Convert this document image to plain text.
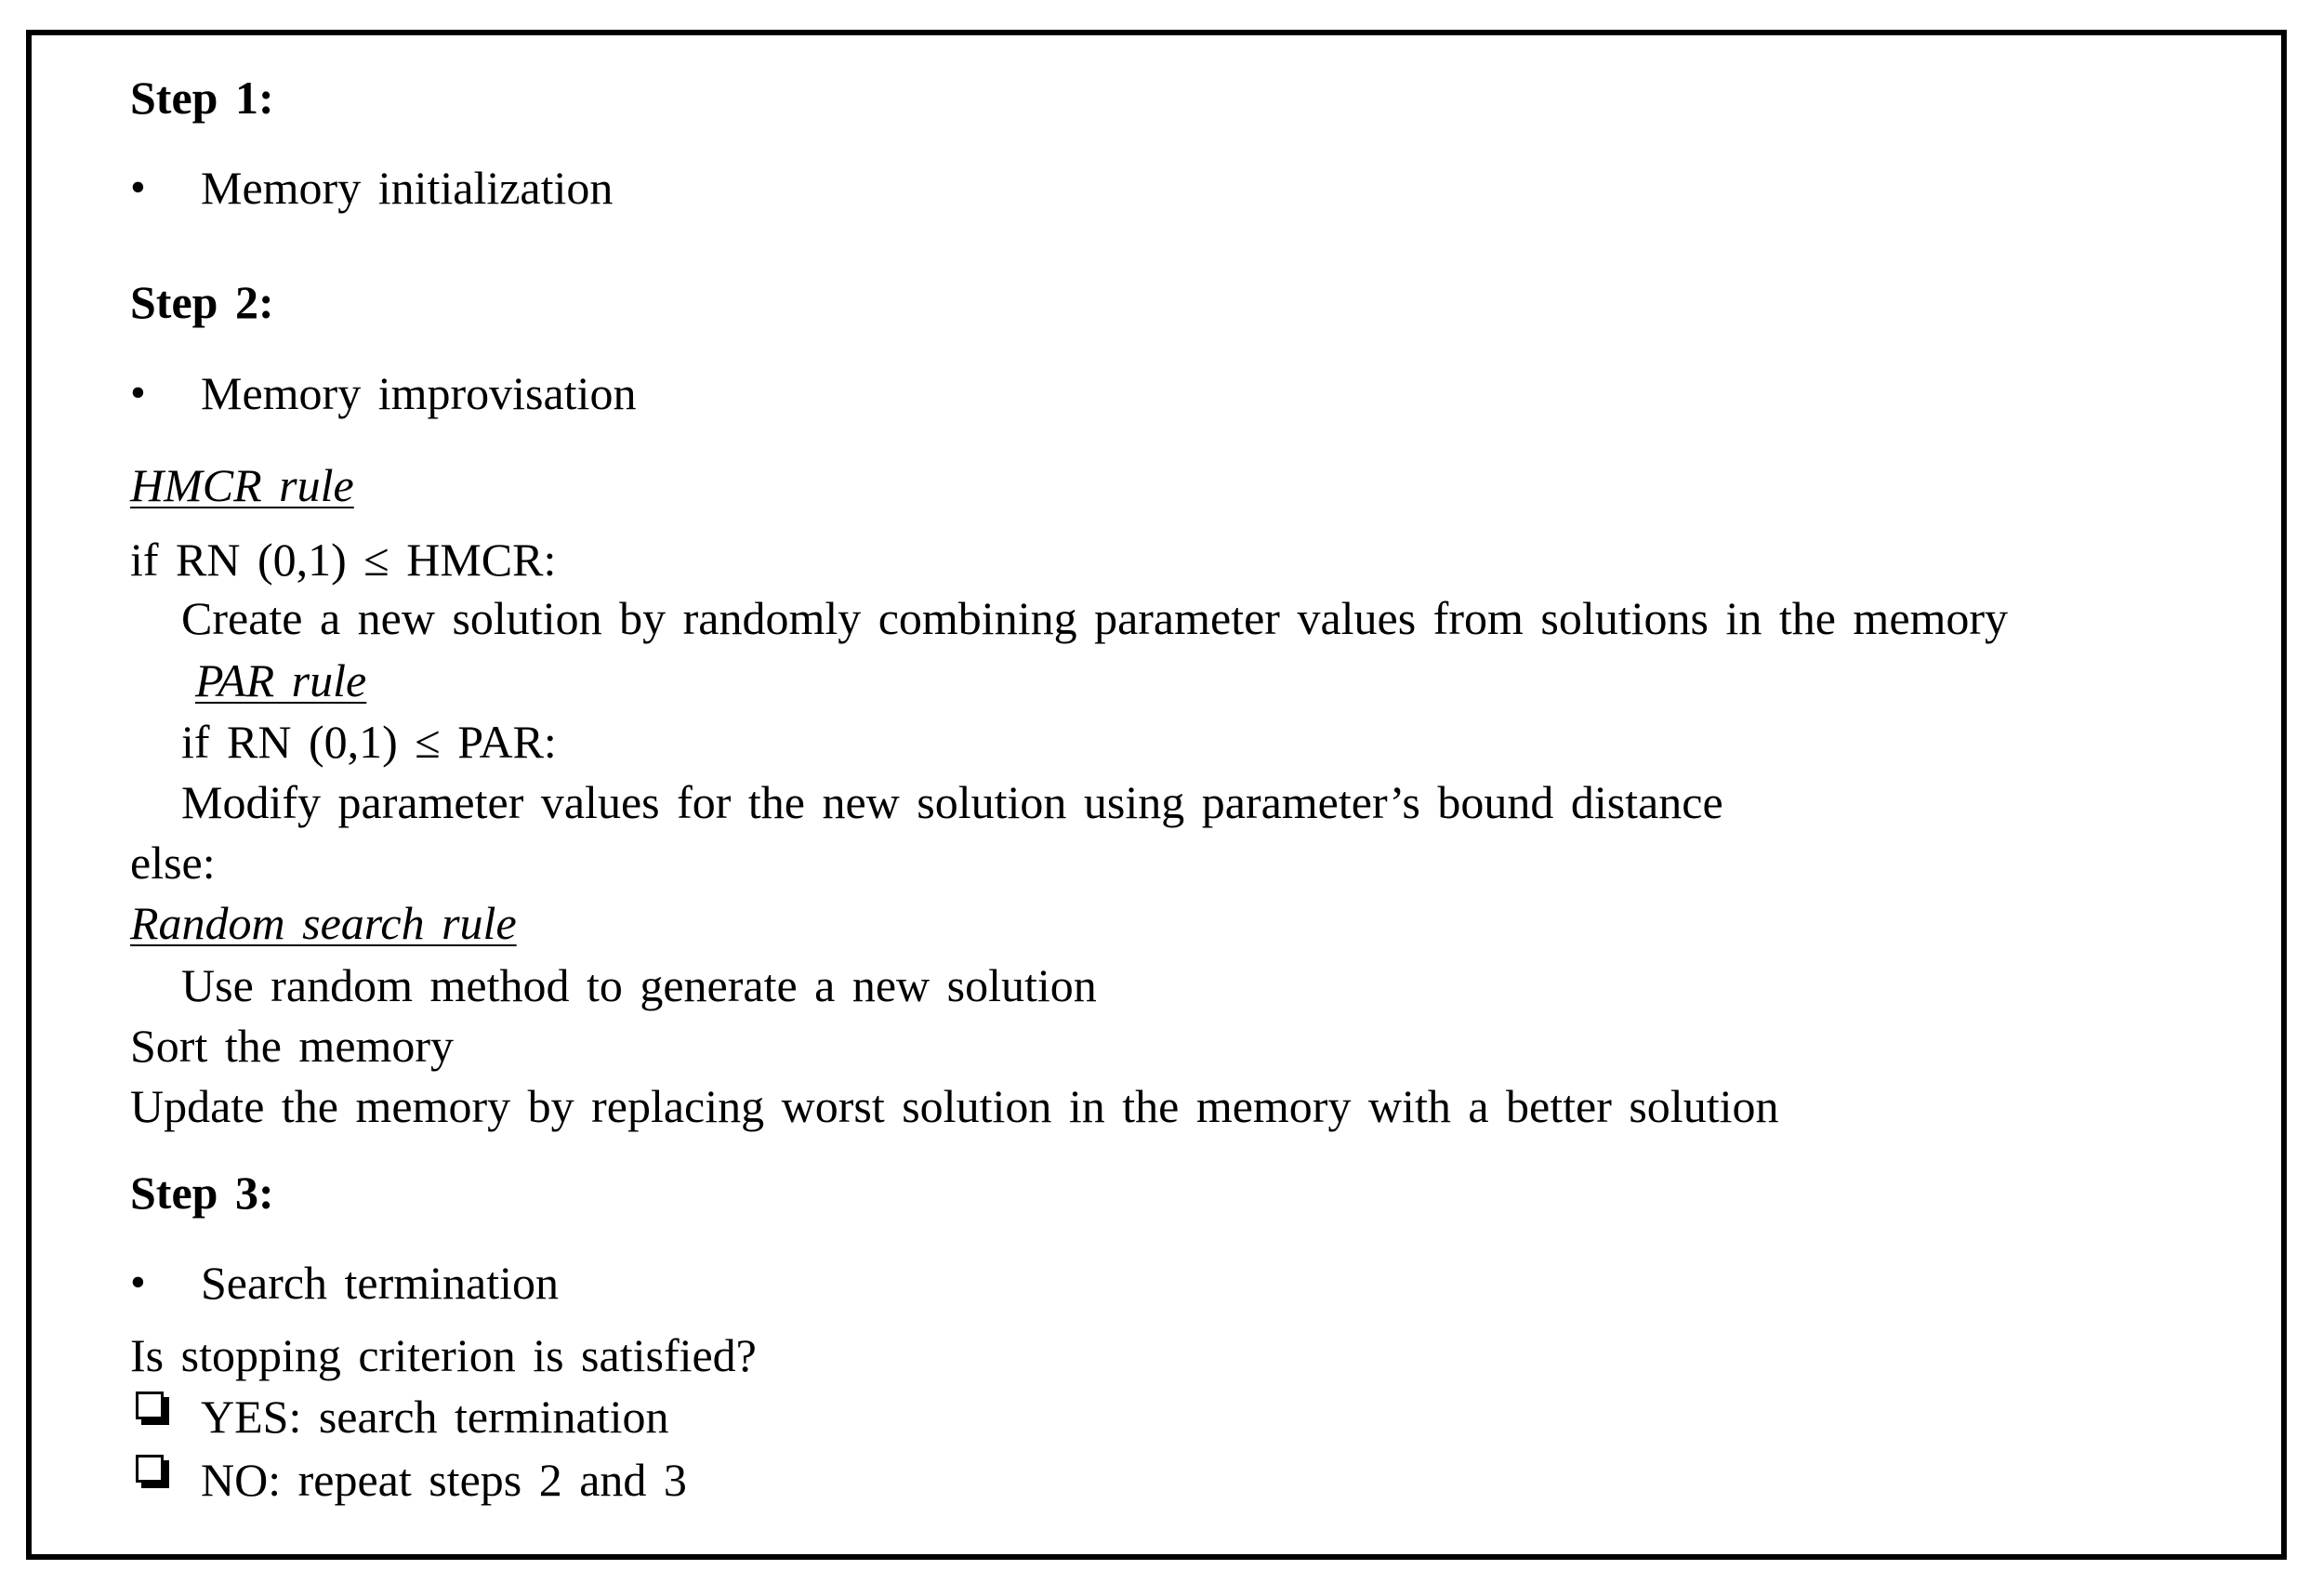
Step 1:
• Memory initialization
Step 2:
• Memory improvisation
HMCR rule
if RN (0,1) ≤ HMCR:
Create a new solution by randomly combining parameter values from solutions in the memory
PAR rule
if RN (0,1) ≤ PAR:
Modify parameter values for the new solution using parameter’s bound distance
else:
Random search rule
Use random method to generate a new solution
Sort the memory
Update the memory by replacing worst solution in the memory with a better solution
Step 3:
• Search termination
Is stopping criterion is satisfied?
YES: search termination
NO: repeat steps 2 and 3
